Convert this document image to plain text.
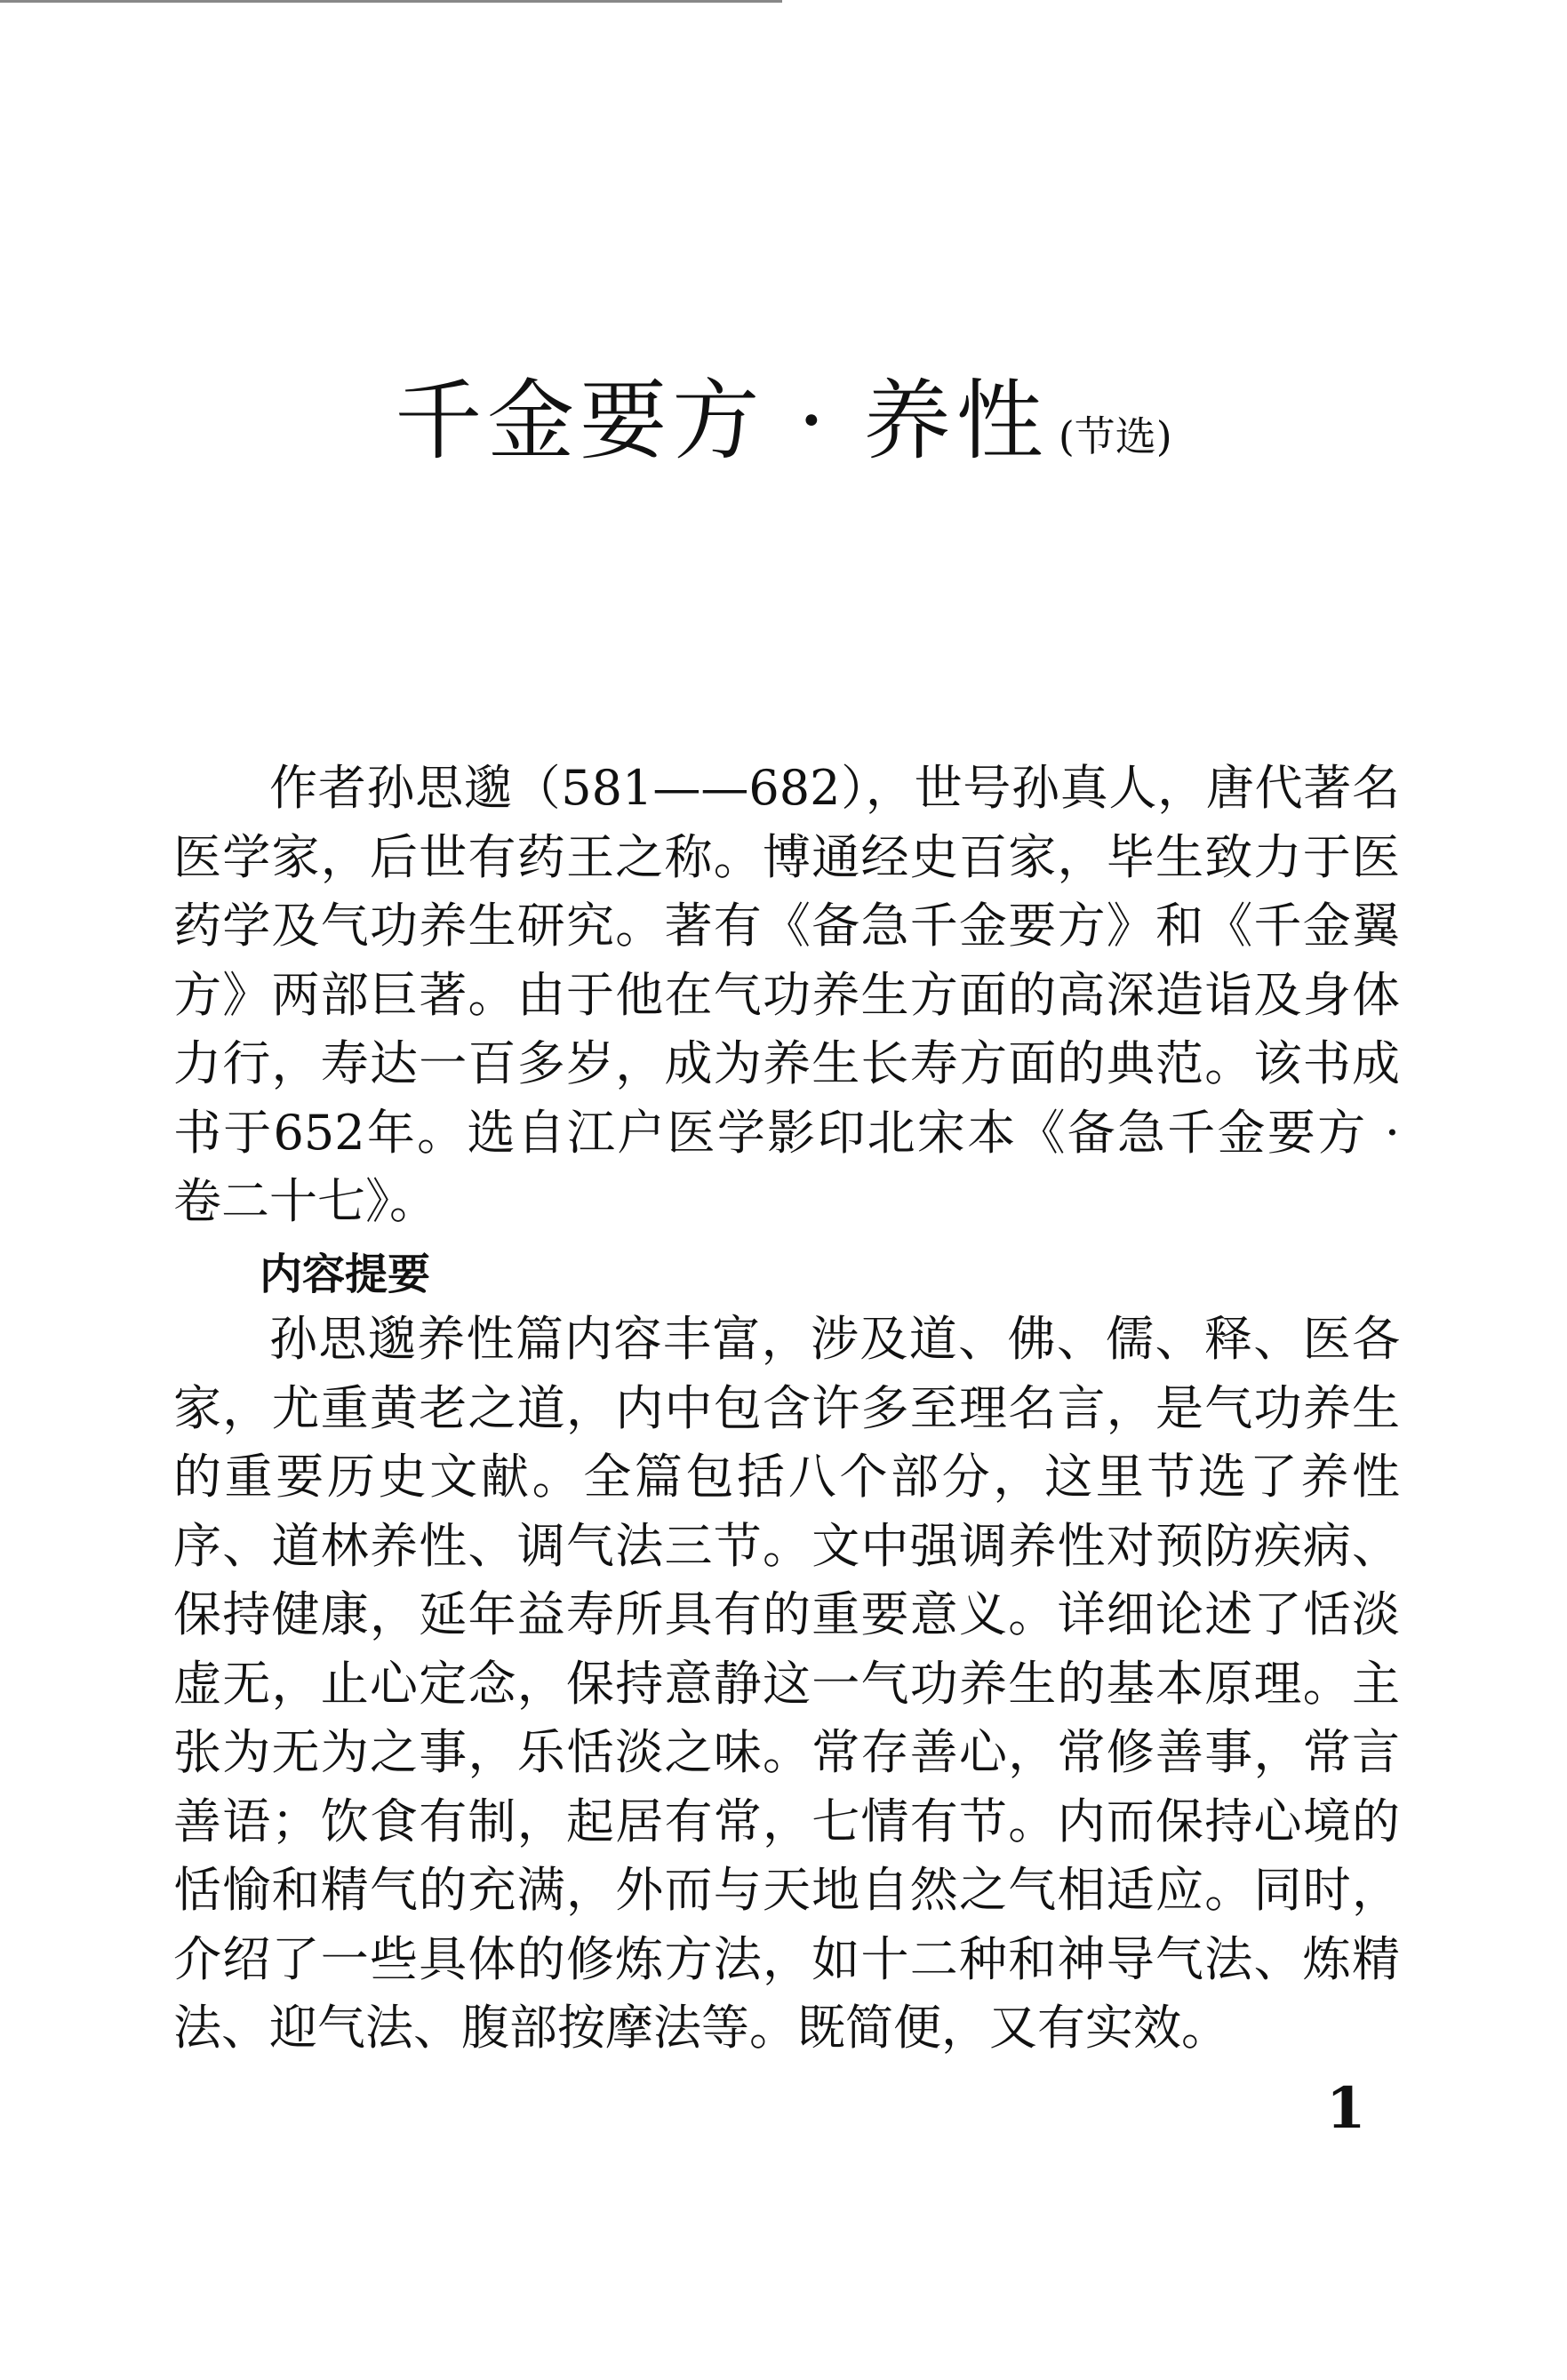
千金要方 · 养性 (节选)
作者孙思邈（581——682），世号孙真人，唐代著名医学家，后世有药王之称。博通经史百家，毕生致力于医药学及气功养生研究。著有《备急千金要方》和《千金翼方》两部巨著。由于他在气功养生方面的高深造诣及身体力行，寿达一百多岁，成为养生长寿方面的典范。该书成书于652年。选自江户医学影印北宋本《备急千金要方 · 卷二十七》。
内容提要
孙思邈养性篇内容丰富，涉及道、佛、儒、释、医各家，尤重黄老之道，内中包含许多至理名言，是气功养生的重要历史文献。全篇包括八个部分，这里节选了养性序、道林养性、调气法三节。文中强调养性对预防疾病、保持健康，延年益寿所具有的重要意义。详细论述了恬淡虚无，止心定念，保持意静这一气功养生的基本原理。主张为无为之事，乐恬淡之味。常存善心，常修善事，常言善语；饮食有制，起居有常，七情有节。内而保持心境的恬愉和精气的充满，外而与天地自然之气相适应。同时，介绍了一些具体的修炼方法，如十二种和神导气法、炼精法、迎气法、腹部按摩法等。既简便，又有实效。
1
